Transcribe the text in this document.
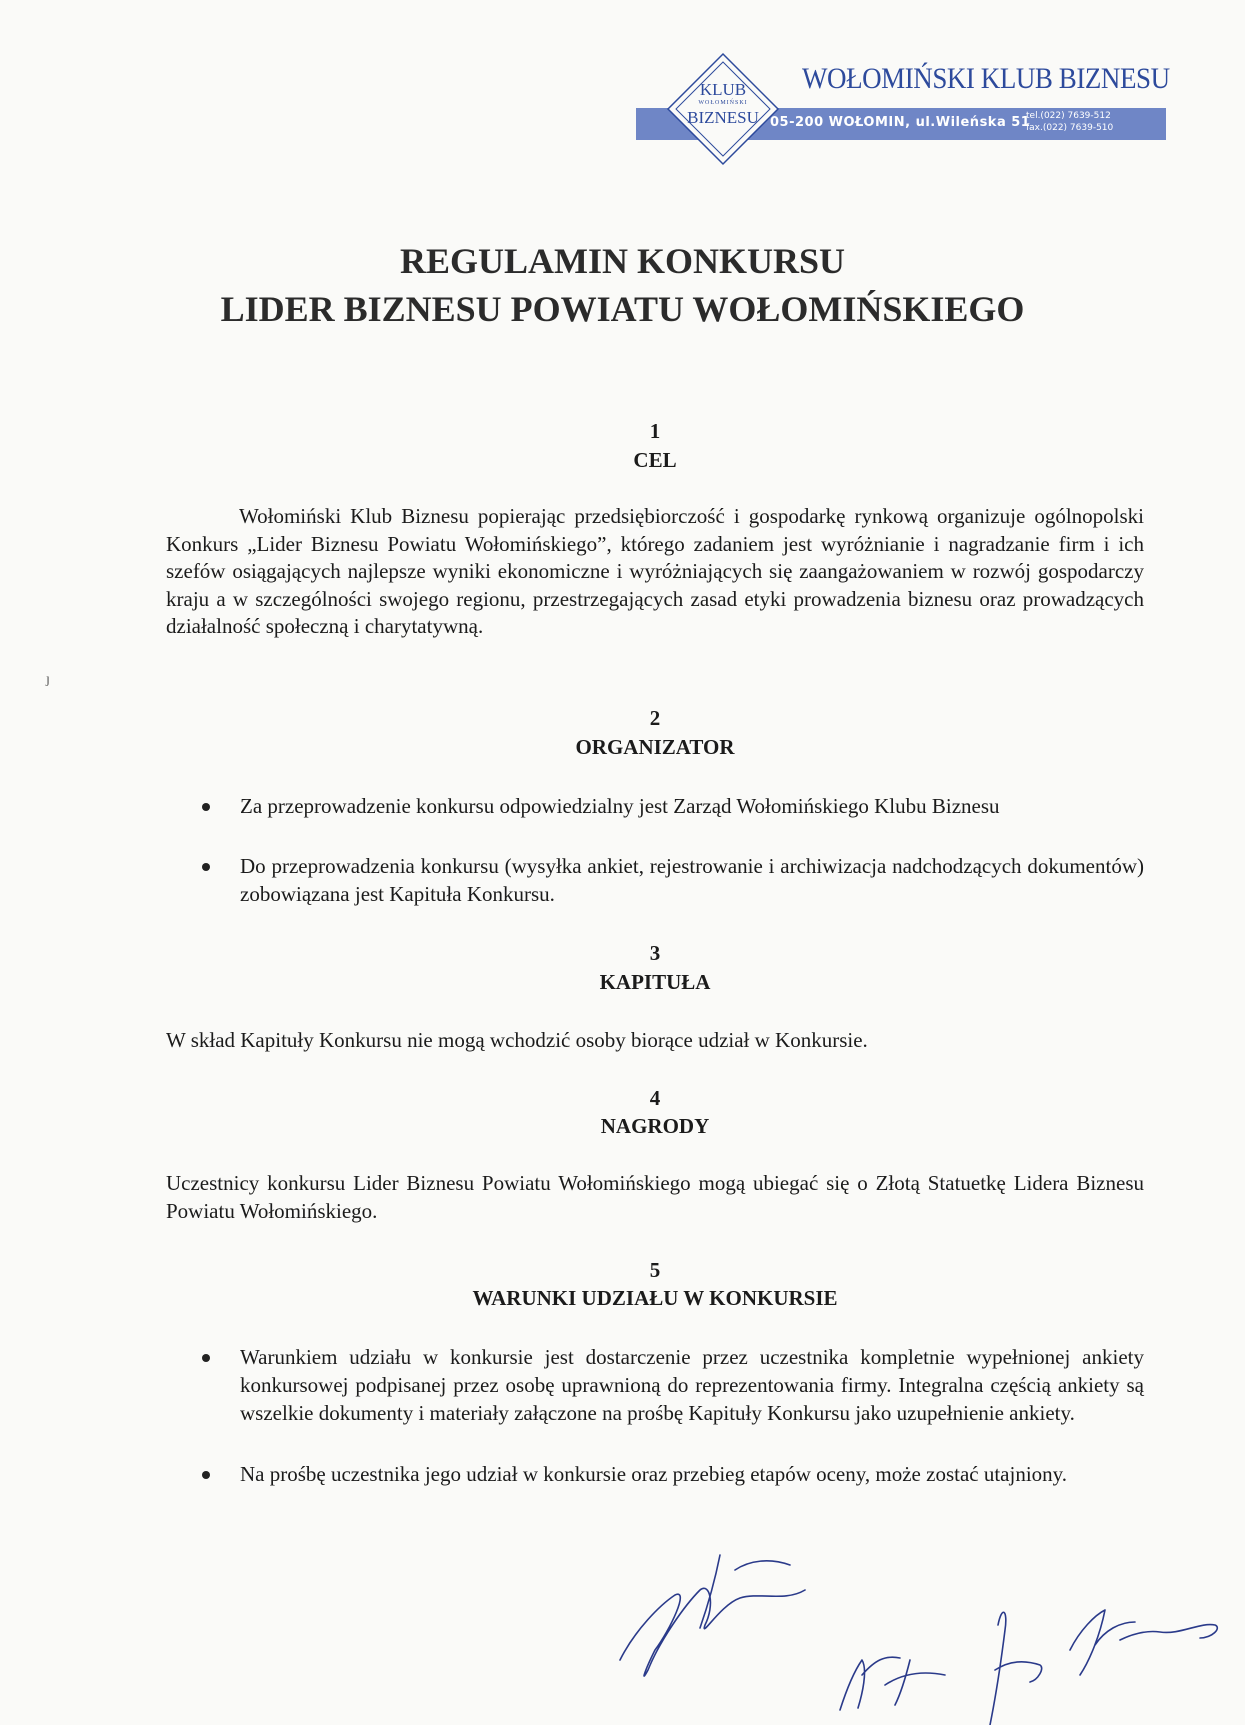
05-200 WOŁOMIN, ul.Wileńska 51
tel.(022) 7639-512
fax.(022) 7639-510
WOŁOMIŃSKI KLUB BIZNESU
KLUB
WOŁOMIŃSKI
BIZNESU
REGULAMIN KONKURSU
LIDER BIZNESU POWIATU WOŁOMIŃSKIEGO
ȷ
1
CEL
Wołomiński Klub Biznesu popierając przedsiębiorczość i gospodarkę rynkową organizuje ogólnopolski Konkurs „Lider Biznesu Powiatu Wołomińskiego”, którego zadaniem jest wyróżnianie i nagradzanie firm i ich szefów osiągających najlepsze wyniki ekonomiczne i wyróżniających się zaangażowaniem w rozwój gospodarczy kraju a w szczególności swojego regionu, przestrzegających zasad etyki prowadzenia biznesu oraz prowadzących działalność społeczną i charytatywną.
2
ORGANIZATOR
Za przeprowadzenie konkursu odpowiedzialny jest Zarząd Wołomińskiego Klubu Biznesu
Do przeprowadzenia konkursu (wysyłka ankiet, rejestrowanie i archiwizacja nadchodzących dokumentów) zobowiązana jest Kapituła Konkursu.
3
KAPITUŁA
W skład Kapituły Konkursu nie mogą wchodzić osoby biorące udział w Konkursie.
4
NAGRODY
Uczestnicy konkursu Lider Biznesu Powiatu Wołomińskiego mogą ubiegać się o Złotą Statuetkę Lidera Biznesu Powiatu Wołomińskiego.
5
WARUNKI UDZIAŁU W KONKURSIE
Warunkiem udziału w konkursie jest dostarczenie przez uczestnika kompletnie wypełnionej ankiety konkursowej podpisanej przez osobę uprawnioną do reprezentowania firmy. Integralna częścią ankiety są wszelkie dokumenty i materiały załączone na prośbę Kapituły Konkursu jako uzupełnienie ankiety.
Na prośbę uczestnika jego udział w konkursie oraz przebieg etapów oceny, może zostać utajniony.
